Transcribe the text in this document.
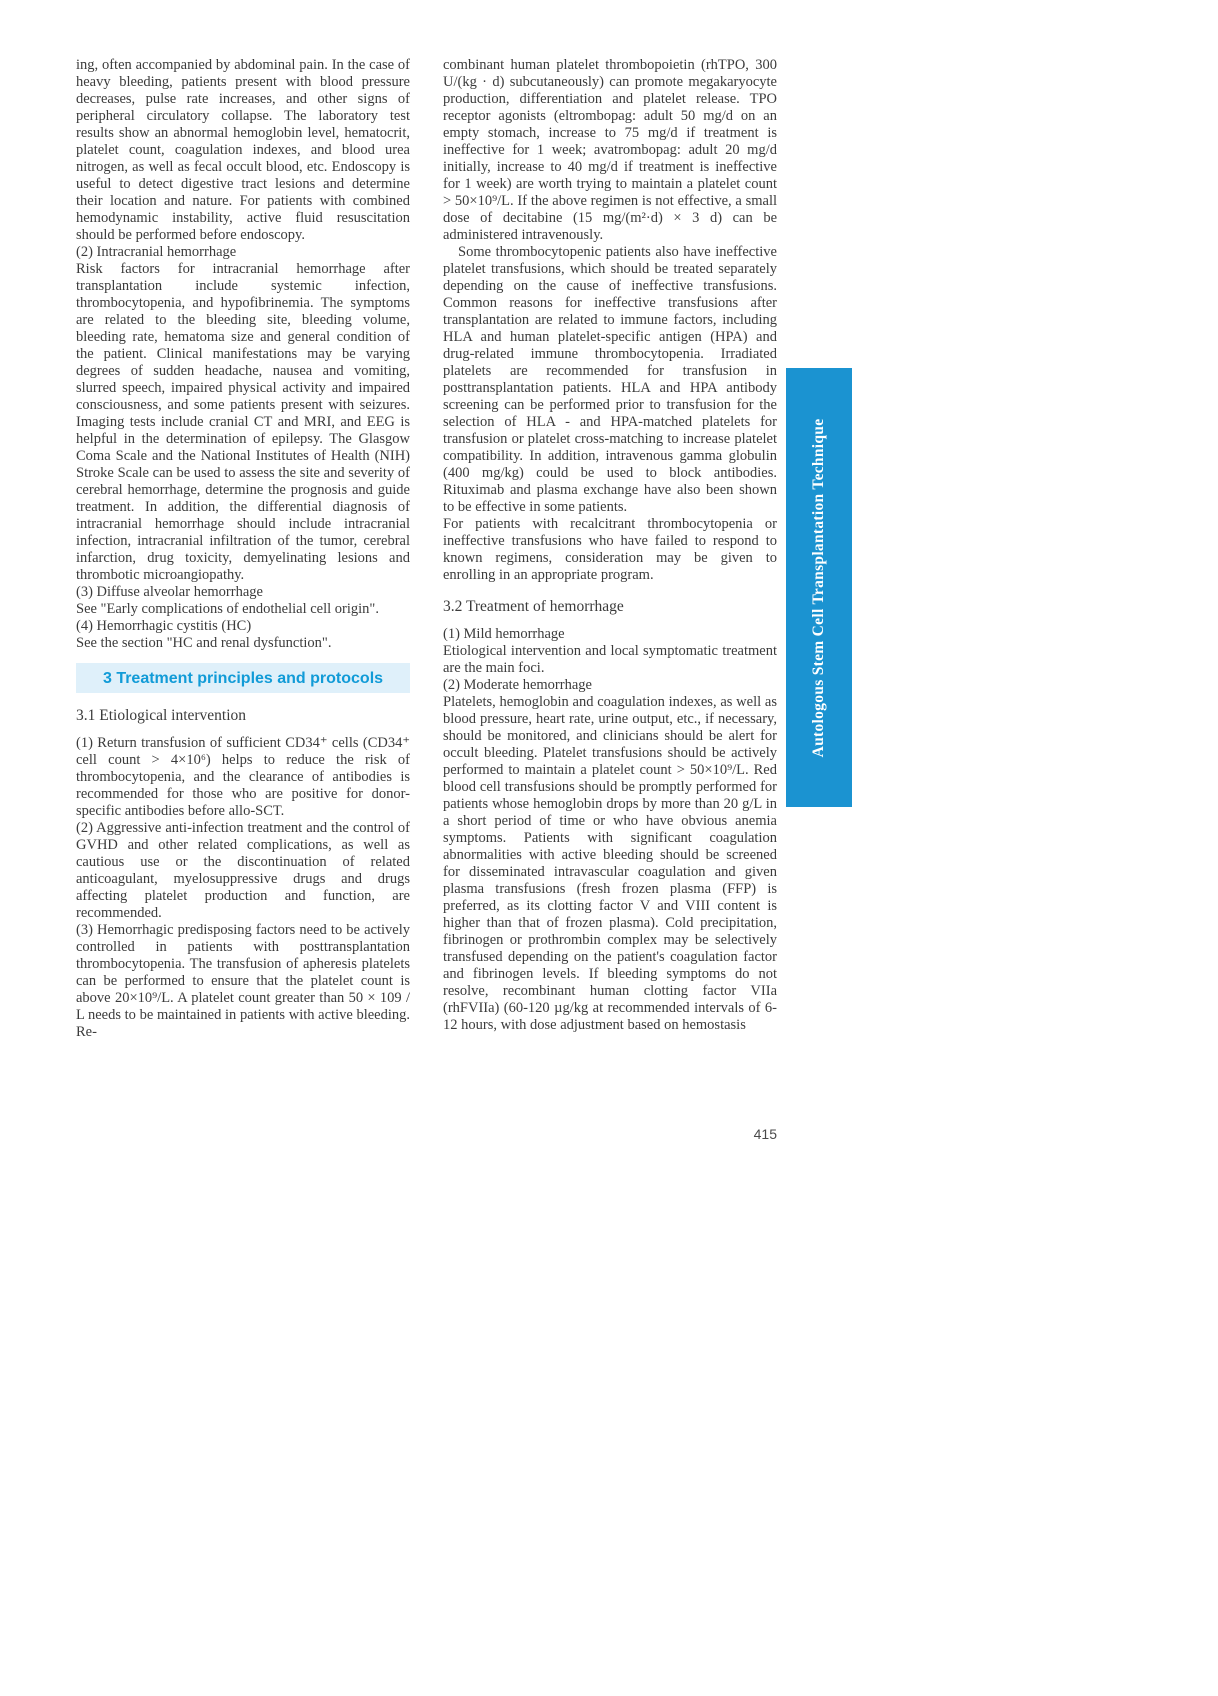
ing, often accompanied by abdominal pain. In the case of heavy bleeding, patients present with blood pressure decreases, pulse rate increases, and other signs of peripheral circulatory collapse. The laboratory test results show an abnormal hemoglobin level, hematocrit, platelet count, coagulation indexes, and blood urea nitrogen, as well as fecal occult blood, etc. Endoscopy is useful to detect digestive tract lesions and determine their location and nature. For patients with combined hemodynamic instability, active fluid resuscitation should be performed before endoscopy.
(2) Intracranial hemorrhage
Risk factors for intracranial hemorrhage after transplantation include systemic infection, thrombocytopenia, and hypofibrinemia. The symptoms are related to the bleeding site, bleeding volume, bleeding rate, hematoma size and general condition of the patient. Clinical manifestations may be varying degrees of sudden headache, nausea and vomiting, slurred speech, impaired physical activity and impaired consciousness, and some patients present with seizures. Imaging tests include cranial CT and MRI, and EEG is helpful in the determination of epilepsy. The Glasgow Coma Scale and the National Institutes of Health (NIH) Stroke Scale can be used to assess the site and severity of cerebral hemorrhage, determine the prognosis and guide treatment. In addition, the differential diagnosis of intracranial hemorrhage should include intracranial infection, intracranial infiltration of the tumor, cerebral infarction, drug toxicity, demyelinating lesions and thrombotic microangiopathy.
(3) Diffuse alveolar hemorrhage
See "Early complications of endothelial cell origin".
(4) Hemorrhagic cystitis (HC)
See the section "HC and renal dysfunction".
3 Treatment principles and protocols
3.1 Etiological intervention
(1) Return transfusion of sufficient CD34⁺ cells (CD34⁺ cell count > 4×10⁶) helps to reduce the risk of thrombocytopenia, and the clearance of antibodies is recommended for those who are positive for donor-specific antibodies before allo-SCT.
(2) Aggressive anti-infection treatment and the control of GVHD and other related complications, as well as cautious use or the discontinuation of related anticoagulant, myelosuppressive drugs and drugs affecting platelet production and function, are recommended.
(3) Hemorrhagic predisposing factors need to be actively controlled in patients with posttransplantation thrombocytopenia. The transfusion of apheresis platelets can be performed to ensure that the platelet count is above 20×10⁹/L. A platelet count greater than 50 × 109 / L needs to be maintained in patients with active bleeding. Re-
combinant human platelet thrombopoietin (rhTPO, 300 U/(kg · d) subcutaneously) can promote megakaryocyte production, differentiation and platelet release. TPO receptor agonists (eltrombopag: adult 50 mg/d on an empty stomach, increase to 75 mg/d if treatment is ineffective for 1 week; avatrombopag: adult 20 mg/d initially, increase to 40 mg/d if treatment is ineffective for 1 week) are worth trying to maintain a platelet count > 50×10⁹/L. If the above regimen is not effective, a small dose of decitabine (15 mg/(m²·d) × 3 d) can be administered intravenously.
Some thrombocytopenic patients also have ineffective platelet transfusions, which should be treated separately depending on the cause of ineffective transfusions. Common reasons for ineffective transfusions after transplantation are related to immune factors, including HLA and human platelet-specific antigen (HPA) and drug-related immune thrombocytopenia. Irradiated platelets are recommended for transfusion in posttransplantation patients. HLA and HPA antibody screening can be performed prior to transfusion for the selection of HLA - and HPA-matched platelets for transfusion or platelet cross-matching to increase platelet compatibility. In addition, intravenous gamma globulin (400 mg/kg) could be used to block antibodies. Rituximab and plasma exchange have also been shown to be effective in some patients.
For patients with recalcitrant thrombocytopenia or ineffective transfusions who have failed to respond to known regimens, consideration may be given to enrolling in an appropriate program.
3.2 Treatment of hemorrhage
(1) Mild hemorrhage
Etiological intervention and local symptomatic treatment are the main foci.
(2) Moderate hemorrhage
Platelets, hemoglobin and coagulation indexes, as well as blood pressure, heart rate, urine output, etc., if necessary, should be monitored, and clinicians should be alert for occult bleeding. Platelet transfusions should be actively performed to maintain a platelet count > 50×10⁹/L. Red blood cell transfusions should be promptly performed for patients whose hemoglobin drops by more than 20 g/L in a short period of time or who have obvious anemia symptoms. Patients with significant coagulation abnormalities with active bleeding should be screened for disseminated intravascular coagulation and given plasma transfusions (fresh frozen plasma (FFP) is preferred, as its clotting factor V and VIII content is higher than that of frozen plasma). Cold precipitation, fibrinogen or prothrombin complex may be selectively transfused depending on the patient's coagulation factor and fibrinogen levels. If bleeding symptoms do not resolve, recombinant human clotting factor VIIa (rhFVIIa) (60-120 µg/kg at recommended intervals of 6-12 hours, with dose adjustment based on hemostasis
Autologous Stem Cell Transplantation Technique
415
